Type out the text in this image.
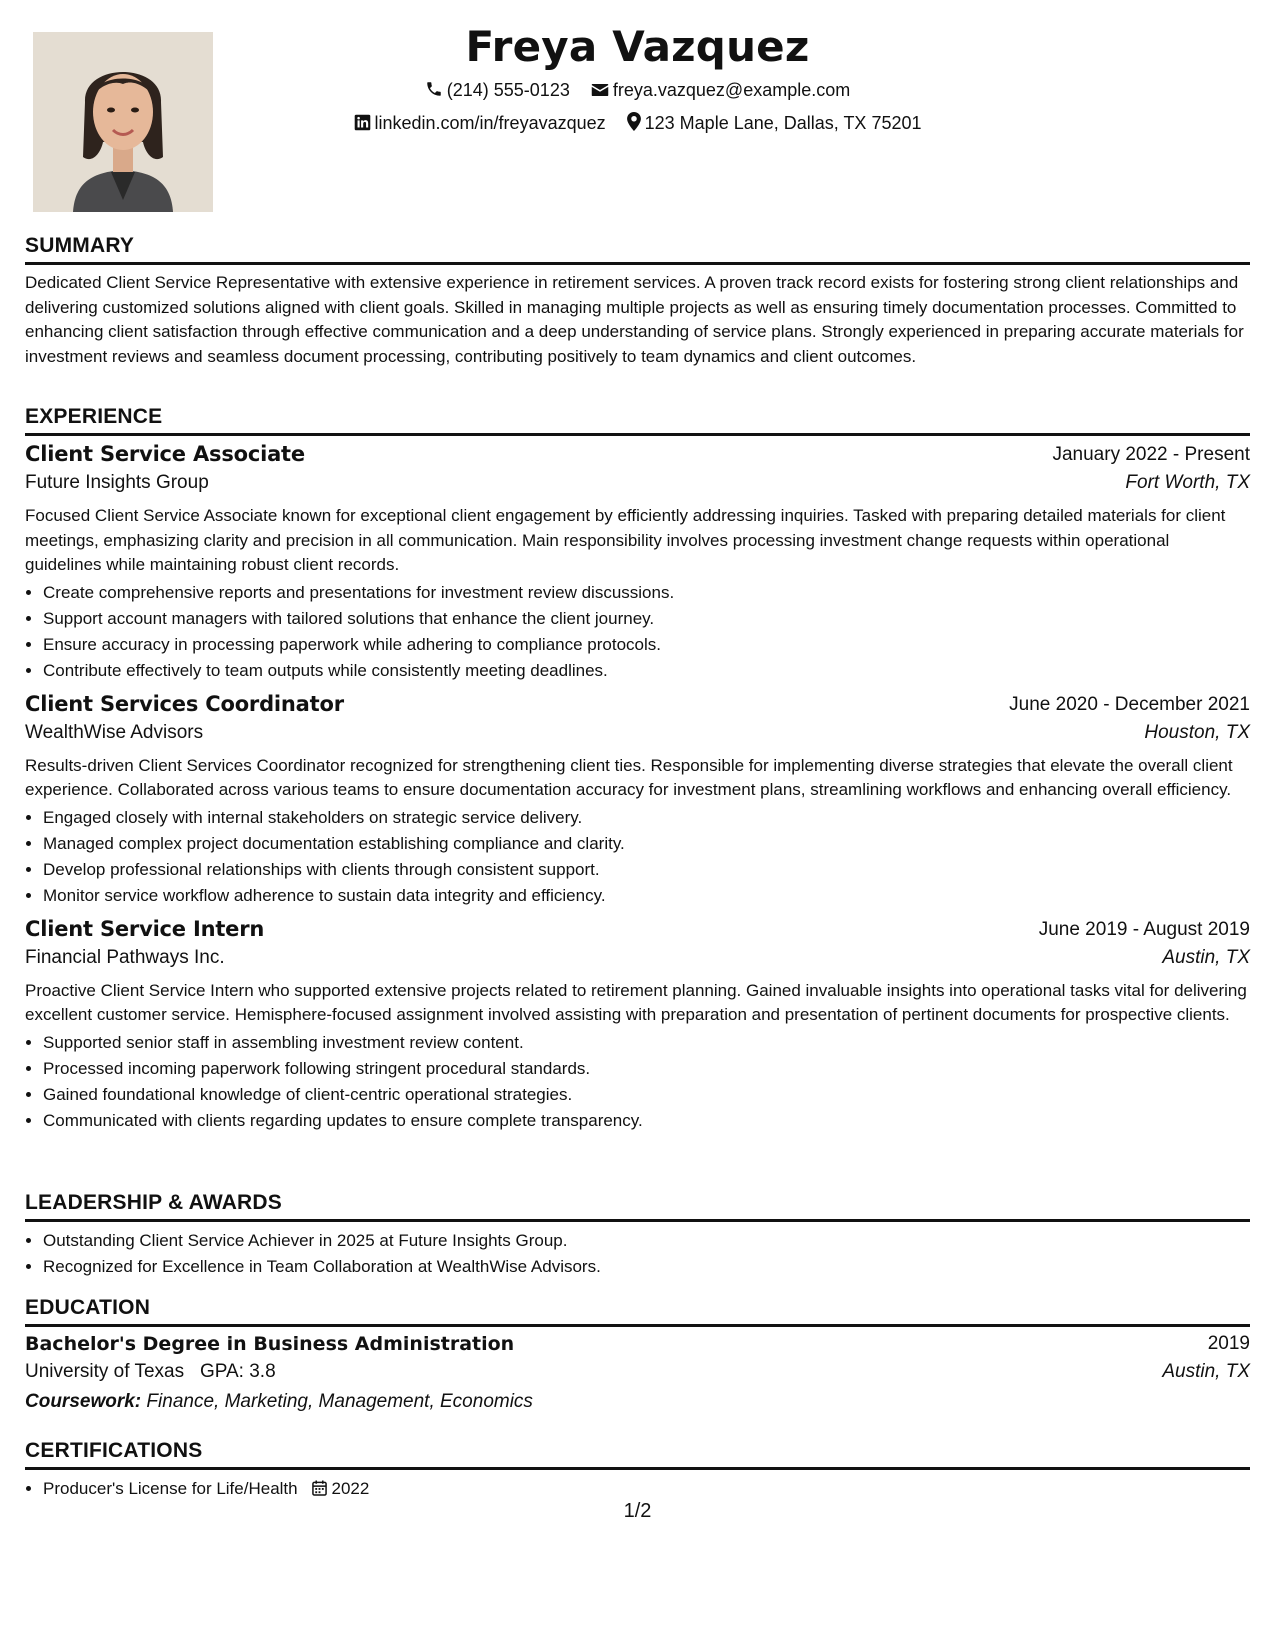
Freya Vazquez
(214) 555-0123 freya.vazquez@example.com
linkedin.com/in/freyavazquez 123 Maple Lane, Dallas, TX 75201
SUMMARY

Dedicated Client Service Representative with extensive experience in retirement services. A proven track record exists for fostering strong client relationships and delivering customized solutions aligned with client goals. Skilled in managing multiple projects as well as ensuring timely documentation processes. Committed to enhancing client satisfaction through effective communication and a deep understanding of service plans. Strongly experienced in preparing accurate materials for investment reviews and seamless document processing, contributing positively to team dynamics and client outcomes.

EXPERIENCE
Client Service Associate	January 2022 - Present
Future Insights Group	Fort Worth, TX

Focused Client Service Associate known for exceptional client engagement by efficiently addressing inquiries. Tasked with preparing detailed materials for client meetings, emphasizing clarity and precision in all communication. Main responsibility involves processing investment change requests within operational guidelines while maintaining robust client records.

• Create comprehensive reports and presentations for investment review discussions.
• Support account managers with tailored solutions that enhance the client journey.
• Ensure accuracy in processing paperwork while adhering to compliance protocols.
• Contribute effectively to team outputs while consistently meeting deadlines.
Client Services Coordinator	June 2020 - December 2021
WealthWise Advisors	Houston, TX

Results-driven Client Services Coordinator recognized for strengthening client ties. Responsible for implementing diverse strategies that elevate the overall client experience. Collaborated across various teams to ensure documentation accuracy for investment plans, streamlining workflows and enhancing overall efficiency.

• Engaged closely with internal stakeholders on strategic service delivery.
• Managed complex project documentation establishing compliance and clarity.
• Develop professional relationships with clients through consistent support.
• Monitor service workflow adherence to sustain data integrity and efficiency.
Client Service Intern	June 2019 - August 2019
Financial Pathways Inc.	Austin, TX

Proactive Client Service Intern who supported extensive projects related to retirement planning. Gained invaluable insights into operational tasks vital for delivering excellent customer service. Hemisphere-focused assignment involved assisting with preparation and presentation of pertinent documents for prospective clients.

• Supported senior staff in assembling investment review content.
• Processed incoming paperwork following stringent procedural standards.
• Gained foundational knowledge of client-centric operational strategies.
• Communicated with clients regarding updates to ensure complete transparency.
LEADERSHIP & AWARDS
• Outstanding Client Service Achiever in 2025 at Future Insights Group.
• Recognized for Excellence in Team Collaboration at WealthWise Advisors.
EDUCATION
Bachelor's Degree in Business Administration	2019
University of Texas GPA: 3.8	Austin, TX
Coursework: Finance, Marketing, Management, Economics
CERTIFICATIONS
• Producer's License for Life/Health 2022
1/2
